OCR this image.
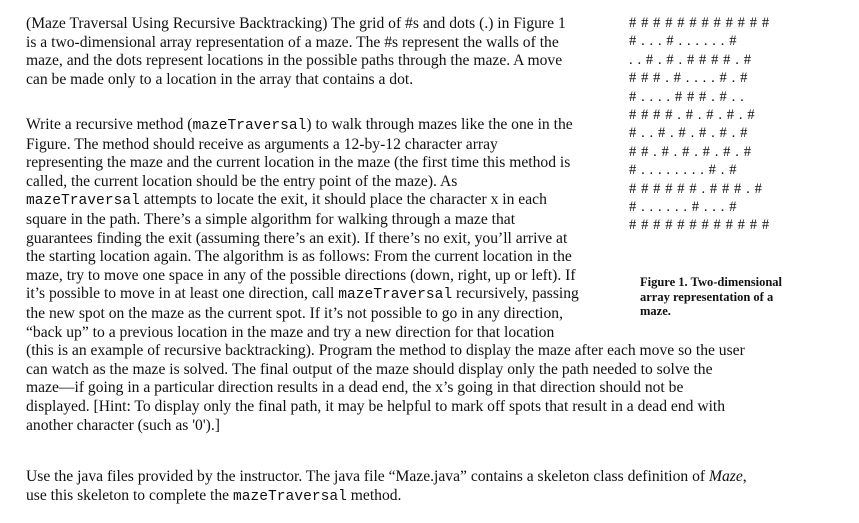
(Maze Traversal Using Recursive Backtracking) The grid of #s and dots (.) in Figure 1
is a two-dimensional array representation of a maze. The #s represent the walls of the
maze, and the dots represent locations in the possible paths through the maze. A move
can be made only to a location in the array that contains a dot.
Write a recursive method (mazeTraversal) to walk through mazes like the one in the
Figure. The method should receive as arguments a 12-by-12 character array
representing the maze and the current location in the maze (the first time this method is
called, the current location should be the entry point of the maze). As
mazeTraversal attempts to locate the exit, it should place the character x in each
square in the path. There’s a simple algorithm for walking through a maze that
guarantees finding the exit (assuming there’s an exit). If there’s no exit, you’ll arrive at
the starting location again. The algorithm is as follows: From the current location in the
maze, try to move one space in any of the possible directions (down, right, up or left). If
it’s possible to move in at least one direction, call mazeTraversal recursively, passing
the new spot on the maze as the current spot. If it’s not possible to go in any direction,
“back up” to a previous location in the maze and try a new direction for that location
(this is an example of recursive backtracking). Program the method to display the maze after each move so the user
can watch as the maze is solved. The final output of the maze should display only the path needed to solve the
maze—if going in a particular direction results in a dead end, the x’s going in that direction should not be
displayed. [Hint: To display only the final path, it may be helpful to mark off spots that result in a dead end with
another character (such as '0').]
Use the java files provided by the instructor. The java file “Maze.java” contains a skeleton class definition of Maze,
use this skeleton to complete the mazeTraversal method.
# # # # # # # # # # # #
# . . . # . . . . . . #
. . # . # . # # # # . #
# # # . # . . . . # . #
# . . . . # # # . # . .
# # # # . # . # . # . #
# . . # . # . # . # . #
# # . # . # . # . # . #
# . . . . . . . . # . #
# # # # # # . # # # . #
# . . . . . . # . . . #
# # # # # # # # # # # #
Figure 1. Two-dimensional
array representation of a
maze.
